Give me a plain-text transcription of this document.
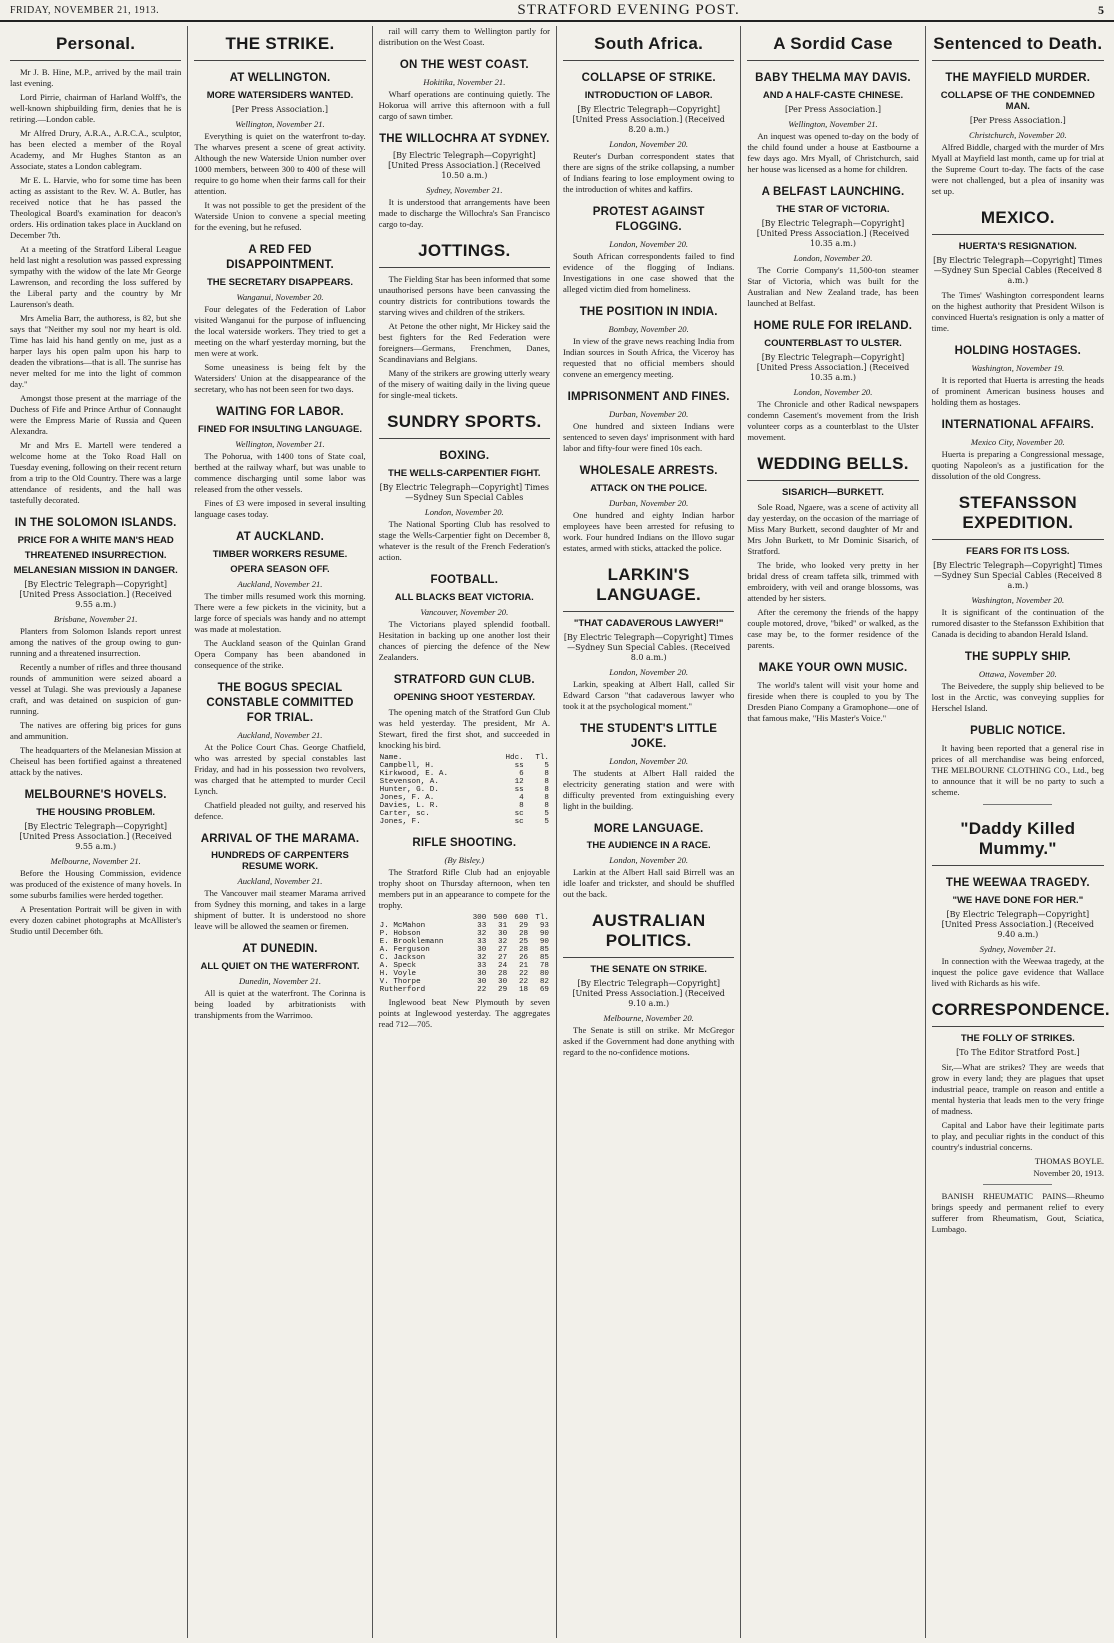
FRIDAY, NOVEMBER 21, 1913.	STRATFORD EVENING POST.	5
Personal.

Mr J. B. Hine, M.P., arrived by the mail train last evening.

Lord Pirrie, chairman of Harland Wolff's, the well-known shipbuilding firm, denies that he is retiring.—London cable.

Mr Alfred Drury, A.R.A., A.R.C.A., sculptor, has been elected a member of the Royal Academy, and Mr Hughes Stanton as an Associate, states a London cablegram.

Mr E. L. Harvie, who for some time has been acting as assistant to the Rev. W. A. Butler, has received notice that he has passed the Theological Board's examination for deacon's orders. His ordination takes place in Auckland on December 7th.

At a meeting of the Stratford Liberal League held last night a resolution was passed expressing sympathy with the widow of the late Mr George Lawrenson, and recording the loss suffered by the Liberal party and the country by Mr Laurenson's death.

Mrs Amelia Barr, the authoress, is 82, but she says that "Neither my soul nor my heart is old. Time has laid his hand gently on me, just as a harper lays his open palm upon his harp to deaden the vibrations—that is all. The sunrise has never melted for me into the light of common day."

Amongst those present at the marriage of the Duchess of Fife and Prince Arthur of Connaught were the Empress Marie of Russia and Queen Alexandra.

Mr and Mrs E. Martell were tendered a welcome home at the Toko Road Hall on Tuesday evening, following on their recent return from a trip to the Old Country. There was a large attendance of residents, and the hall was tastefully decorated.

IN THE SOLOMON ISLANDS.
PRICE FOR A WHITE MAN'S HEAD
THREATENED INSURRECTION.
MELANESIAN MISSION IN DANGER.
[By Electric Telegraph—Copyright] [United Press Association.] (Received 9.55 a.m.)
Brisbane, November 21.

Planters from Solomon Islands report unrest among the natives of the group owing to gun-running and a threatened insurrection.

Recently a number of rifles and three thousand rounds of ammunition were seized aboard a vessel at Tulagi. She was previously a Japanese craft, and was detained on suspicion of gun-running.

The natives are offering big prices for guns and ammunition.

The headquarters of the Melanesian Mission at Cheiseul has been fortified against a threatened attack by the natives.

MELBOURNE'S HOVELS.
THE HOUSING PROBLEM.
[By Electric Telegraph—Copyright] [United Press Association.] (Received 9.55 a.m.)
Melbourne, November 21.

Before the Housing Commission, evidence was produced of the existence of many hovels. In some suburbs families were herded together.

A Presentation Portrait will be given in with every dozen cabinet photographs at McAllister's Studio until December 6th.

THE STRIKE.
AT WELLINGTON.
MORE WATERSIDERS WANTED.
[Per Press Association.]
Wellington, November 21.

Everything is quiet on the waterfront to-day. The wharves present a scene of great activity. Although the new Waterside Union number over 1000 members, between 300 to 400 of these will require to go home when their farms call for their attention.

It was not possible to get the president of the Waterside Union to convene a special meeting for the evening, but he refused.

A RED FED DISAPPOINTMENT.
THE SECRETARY DISAPPEARS.
Wanganui, November 20.

Four delegates of the Federation of Labor visited Wanganui for the purpose of influencing the local waterside workers. They tried to get a meeting on the wharf yesterday morning, but the men were at work.

Some uneasiness is being felt by the Watersiders' Union at the disappearance of the secretary, who has not been seen for two days.

WAITING FOR LABOR.
FINED FOR INSULTING LANGUAGE.
Wellington, November 21.

The Pohorua, with 1400 tons of State coal, berthed at the railway wharf, but was unable to commence discharging until some labor was released from the other vessels.

Fines of £3 were imposed in several insulting language cases today.

AT AUCKLAND.
TIMBER WORKERS RESUME.
OPERA SEASON OFF.
Auckland, November 21.

The timber mills resumed work this morning. There were a few pickets in the vicinity, but a large force of specials was handy and no attempt was made at molestation.

The Auckland season of the Quinlan Grand Opera Company has been abandoned in consequence of the strike.

THE BOGUS SPECIAL CONSTABLE COMMITTED FOR TRIAL.
Auckland, November 21.

At the Police Court Chas. George Chatfield, who was arrested by special constables last Friday, and had in his possession two revolvers, was charged that he attempted to murder Cecil Lynch.

Chatfield pleaded not guilty, and reserved his defence.

ARRIVAL OF THE MARAMA.
HUNDREDS OF CARPENTERS RESUME WORK.
Auckland, November 21.

The Vancouver mail steamer Marama arrived from Sydney this morning, and takes in a large shipment of butter. It is understood no shore leave will be allowed the seamen or firemen.

AT DUNEDIN.
ALL QUIET ON THE WATERFRONT.
Dunedin, November 21.

All is quiet at the waterfront. The Corinna is being loaded by arbitrationists with transhipments from the Warrimoo.

rail will carry them to Wellington partly for distribution on the West Coast.

ON THE WEST COAST.
Hokitika, November 21.

Wharf operations are continuing quietly. The Hokorua will arrive this afternoon with a full cargo of sawn timber.

THE WILLOCHRA AT SYDNEY.
[By Electric Telegraph—Copyright] [United Press Association.] (Received 10.50 a.m.)
Sydney, November 21.

It is understood that arrangements have been made to discharge the Willochra's San Francisco cargo to-day.

JOTTINGS.

The Fielding Star has been informed that some unauthorised persons have been canvassing the country districts for contributions towards the starving wives and children of the strikers.

At Petone the other night, Mr Hickey said the best fighters for the Red Federation were foreigners—Germans, Frenchmen, Danes, Scandinavians and Belgians.

Many of the strikers are growing utterly weary of the misery of waiting daily in the living queue for single-meal tickets.

SUNDRY SPORTS.
BOXING.
THE WELLS-CARPENTIER FIGHT.
[By Electric Telegraph—Copyright] Times—Sydney Sun Special Cables
London, November 20.

The National Sporting Club has resolved to stage the Wells-Carpentier fight on December 8, whatever is the result of the French Federation's action.

FOOTBALL.
ALL BLACKS BEAT VICTORIA.
Vancouver, November 20.

The Victorians played splendid football. Hesitation in backing up one another lost their chances of piercing the defence of the New Zealanders.

STRATFORD GUN CLUB.
OPENING SHOOT YESTERDAY.

The opening match of the Stratford Gun Club was held yesterday. The president, Mr A. Stewart, fired the first shot, and succeeded in knocking his bird.

Name.	Hdc.	Tl.
Campbell, H.	ss	5
Kirkwood, E. A.	6	8
Stevenson, A.	12	8
Hunter, G. D.	ss	8
Jones, F. A.	4	8
Davies, L. R.	8	8
Carter, sc.	sc	5
Jones, F.	sc	5
RIFLE SHOOTING.
(By Bisley.)

The Stratford Rifle Club had an enjoyable trophy shoot on Thursday afternoon, when ten members put in an appearance to compete for the trophy.

	300	500	600	Tl.
J. McMahon	33	31	29	93
P. Hobson	32	30	28	90
E. Brooklemann	33	32	25	90
A. Ferguson	30	27	28	85
C. Jackson	32	27	26	85
A. Speck	33	24	21	78
H. Voyle	30	28	22	80
V. Thorpe	30	30	22	82
Rutherford	22	29	18	69

Inglewood beat New Plymouth by seven points at Inglewood yesterday. The aggregates read 712—705.

South Africa.
COLLAPSE OF STRIKE.
INTRODUCTION OF LABOR.
[By Electric Telegraph—Copyright] [United Press Association.] (Received 8.20 a.m.)
London, November 20.

Reuter's Durban correspondent states that there are signs of the strike collapsing, a number of Indians fearing to lose employment owing to the introduction of whites and kaffirs.

PROTEST AGAINST FLOGGING.
London, November 20.

South African correspondents failed to find evidence of the flogging of Indians. Investigations in one case showed that the alleged victim died from homeliness.

THE POSITION IN INDIA.
Bombay, November 20.

In view of the grave news reaching India from Indian sources in South Africa, the Viceroy has requested that no official members should convene an emergency meeting.

IMPRISONMENT AND FINES.
Durban, November 20.

One hundred and sixteen Indians were sentenced to seven days' imprisonment with hard labor and fifty-four were fined 10s each.

WHOLESALE ARRESTS.
ATTACK ON THE POLICE.
Durban, November 20.

One hundred and eighty Indian harbor employees have been arrested for refusing to work. Four hundred Indians on the Illovo sugar estates, armed with sticks, attacked the police.

LARKIN'S LANGUAGE.
"THAT CADAVEROUS LAWYER!"
[By Electric Telegraph—Copyright] Times—Sydney Sun Special Cables. (Received 8.0 a.m.)
London, November 20.

Larkin, speaking at Albert Hall, called Sir Edward Carson "that cadaverous lawyer who took it at the psychological moment."

THE STUDENT'S LITTLE JOKE.
London, November 20.

The students at Albert Hall raided the electricity generating station and were with difficulty prevented from extinguishing every light in the building.

MORE LANGUAGE.
THE AUDIENCE IN A RACE.
London, November 20.

Larkin at the Albert Hall said Birrell was an idle loafer and trickster, and should be shuffled out the back.

AUSTRALIAN POLITICS.
THE SENATE ON STRIKE.
[By Electric Telegraph—Copyright] [United Press Association.] (Received 9.10 a.m.)
Melbourne, November 20.

The Senate is still on strike. Mr McGregor asked if the Government had done anything with regard to the no-confidence motions.

A Sordid Case
BABY THELMA MAY DAVIS.
AND A HALF-CASTE CHINESE.
[Per Press Association.]
Wellington, November 21.

An inquest was opened to-day on the body of the child found under a house at Eastbourne a few days ago. Mrs Myall, of Christchurch, said her house was licensed as a home for children.

A BELFAST LAUNCHING.
THE STAR OF VICTORIA.
[By Electric Telegraph—Copyright] [United Press Association.] (Received 10.35 a.m.)
London, November 20.

The Corrie Company's 11,500-ton steamer Star of Victoria, which was built for the Australian and New Zealand trade, has been launched at Belfast.

HOME RULE FOR IRELAND.
COUNTERBLAST TO ULSTER.
[By Electric Telegraph—Copyright] [United Press Association.] (Received 10.35 a.m.)
London, November 20.

The Chronicle and other Radical newspapers condemn Casement's movement from the Irish volunteer corps as a counterblast to the Ulster movement.

WEDDING BELLS.
SISARICH—BURKETT.

Sole Road, Ngaere, was a scene of activity all day yesterday, on the occasion of the marriage of Miss Mary Burkett, second daughter of Mr and Mrs John Burkett, to Mr Dominic Sisarich, of Stratford.

The bride, who looked very pretty in her bridal dress of cream taffeta silk, trimmed with embroidery, with veil and orange blossoms, was attended by her sisters.

After the ceremony the friends of the happy couple motored, drove, "biked" or walked, as the case may be, to the former residence of the parents.

MAKE YOUR OWN MUSIC.

The world's talent will visit your home and fireside when there is coupled to you by The Dresden Piano Company a Gramophone—one of that famous make, "His Master's Voice."

Sentenced to Death.
THE MAYFIELD MURDER.
COLLAPSE OF THE CONDEMNED MAN.
[Per Press Association.]
Christchurch, November 20.

Alfred Biddle, charged with the murder of Mrs Myall at Mayfield last month, came up for trial at the Supreme Court to-day. The facts of the case were not challenged, but a plea of insanity was set up.

MEXICO.
HUERTA'S RESIGNATION.
[By Electric Telegraph—Copyright] Times—Sydney Sun Special Cables (Received 8 a.m.)

The Times' Washington correspondent learns on the highest authority that President Wilson is convinced Huerta's resignation is only a matter of time.

HOLDING HOSTAGES.
Washington, November 19.

It is reported that Huerta is arresting the heads of prominent American business houses and holding them as hostages.

INTERNATIONAL AFFAIRS.
Mexico City, November 20.

Huerta is preparing a Congressional message, quoting Napoleon's as a justification for the dissolution of the old Congress.

STEFANSSON EXPEDITION.
FEARS FOR ITS LOSS.
[By Electric Telegraph—Copyright] Times—Sydney Sun Special Cables (Received 8 a.m.)
Washington, November 20.

It is significant of the continuation of the rumored disaster to the Stefansson Exhibition that Canada is deciding to abandon Herald Island.

THE SUPPLY SHIP.
Ottawa, November 20.

The Beivedere, the supply ship believed to be lost in the Arctic, was conveying supplies for Herschel Island.

PUBLIC NOTICE.

It having been reported that a general rise in prices of all merchandise was being enforced, THE MELBOURNE CLOTHING CO., Ltd., beg to announce that it will be no party to such a scheme.

"Daddy Killed Mummy."
THE WEEWAA TRAGEDY.
"WE HAVE DONE FOR HER."
[By Electric Telegraph—Copyright] [United Press Association.] (Received 9.40 a.m.)
Sydney, November 21.

In connection with the Weewaa tragedy, at the inquest the police gave evidence that Wallace lived with Richards as his wife.

CORRESPONDENCE.
THE FOLLY OF STRIKES.
[To The Editor Stratford Post.]

Sir,—What are strikes? They are weeds that grow in every land; they are plagues that upset industrial peace, trample on reason and entitle a mental hysteria that leads men to the very fringe of madness.

Capital and Labor have their legitimate parts to play, and peculiar rights in the conduct of this country's industrial concerns.

THOMAS BOYLE.
November 20, 1913.

BANISH RHEUMATIC PAINS—Rheumo brings speedy and permanent relief to every sufferer from Rheumatism, Gout, Sciatica, Lumbago.
